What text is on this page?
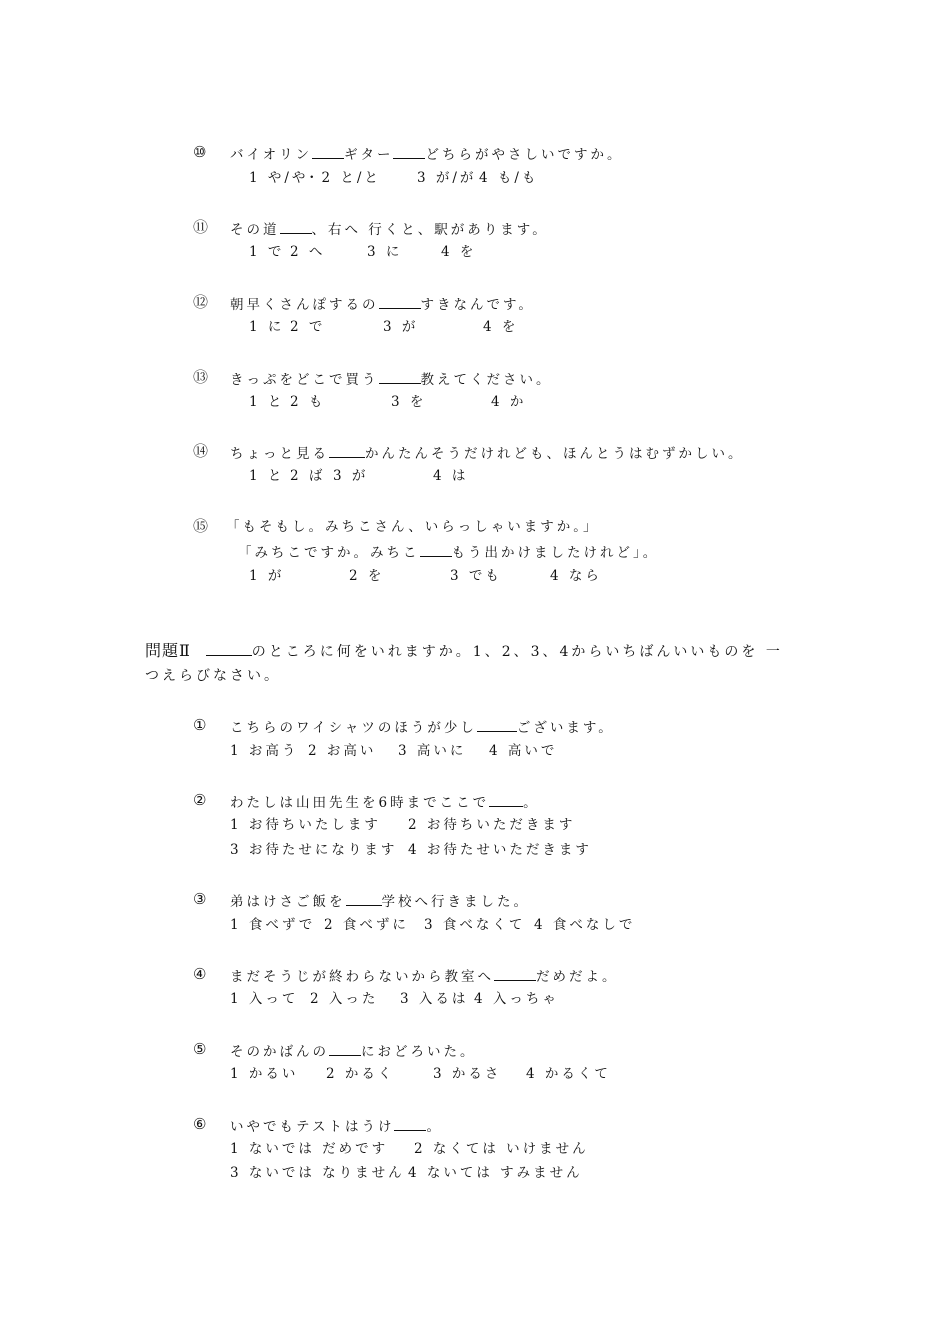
⑩ バイオリン ギター どちらがやさしいですか。
1 や/や
・2 と/と	3 が/が 4 も/も
⑪ その道 、右へ 行くと、駅があります。
1 で 2 へ	3 に	4 を
⑫ 朝早くさんぽするの	すきなんです。
1 に 2 で	3 が	4 を
⑬ きっぷをどこで買う	教えてください。
1 と 2 も	3 を	4 か
⑭ ちょっと見る	かんたんそうだけれども、ほんとうはむずかしい。
1 と 2 ば 3 が	4 は
⑮ 「もそもし。みちこさん、いらっしゃいますか。」
「みちこですか。みちこ もう出かけましたけれど」。
1 が	2 を	3 でも	4 なら
問題Ⅱ	のところに何をいれますか。1、2、3、4からいちばんいいものを 一
つえらびなさい。
① こちらのワイシャツのほうが少し	ございます。
1 お高う 2 お高い 3 高いに 4 高いで
② わたしは山田先生を6時までここで	。
1 お待ちいたします 2 お待ちいただきます
3 お待たせになります 4 お待たせいただきます
③ 弟はけさご飯を	学校へ行きました。
1 食べずで 2 食べずに 3 食べなくて 4 食べなしで
④ まだそうじが終わらないから教室へ	だめだよ。
1 入って 2 入った 3 入るは 4 入っちゃ
⑤ そのかばんの におどろいた。
1 かるい 2 かるく	3 かるさ 4 かるくて
⑥ いやでもテストはうけ 。
1 ないでは だめです 2 なくては いけません
3 ないでは なりません 4 ないては すみません
